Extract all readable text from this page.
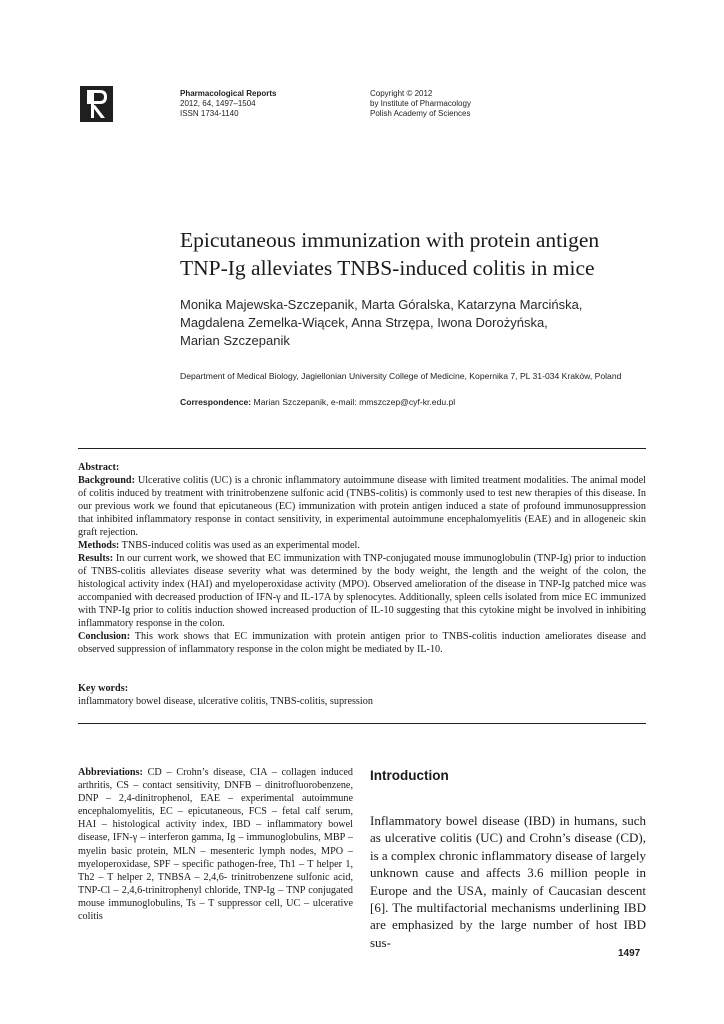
Pharmacological Reports
2012, 64, 1497–1504
ISSN 1734-1140
Copyright © 2012
by Institute of Pharmacology
Polish Academy of Sciences
Epicutaneous immunization with protein antigen
TNP-Ig alleviates TNBS-induced colitis in mice
Monika Majewska-Szczepanik, Marta Góralska, Katarzyna Marcińska,
Magdalena Zemelka-Wiącek, Anna Strzępa, Iwona Dorożyńska,
Marian Szczepanik
Department of Medical Biology, Jagiellonian University College of Medicine, Kopernika 7, PL 31-034 Kraków, Poland
Correspondence: Marian Szczepanik, e-mail: mmszczep@cyf-kr.edu.pl

Abstract:

Background: Ulcerative colitis (UC) is a chronic inflammatory autoimmune disease with limited treatment modalities. The animal model of colitis induced by treatment with trinitrobenzene sulfonic acid (TNBS-colitis) is commonly used to test new therapies of this disease. In our previous work we found that epicutaneous (EC) immunization with protein antigen induced a state of profound immunosuppression that inhibited inflammatory response in contact sensitivity, in experimental autoimmune encephalomyelitis (EAE) and in allogeneic skin graft rejection.

Methods: TNBS-induced colitis was used as an experimental model.

Results: In our current work, we showed that EC immunization with TNP-conjugated mouse immunoglobulin (TNP-Ig) prior to induction of TNBS-colitis alleviates disease severity what was determined by the body weight, the length and the weight of the colon, the histological activity index (HAI) and myeloperoxidase activity (MPO). Observed amelioration of the disease in TNP-Ig patched mice was accompanied with decreased production of IFN-γ and IL-17A by splenocytes. Additionally, spleen cells isolated from mice EC immunized with TNP-Ig prior to colitis induction showed increased production of IL-10 suggesting that this cytokine might be involved in inhibiting inflammatory response in the colon.

Conclusion: This work shows that EC immunization with protein antigen prior to TNBS-colitis induction ameliorates disease and observed suppression of inflammatory response in the colon might be mediated by IL-10.

Key words:

inflammatory bowel disease, ulcerative colitis, TNBS-colitis, supression

Abbreviations: CD – Crohn’s disease, CIA – collagen induced arthritis, CS – contact sensitivity, DNFB – dinitrofluorobenzene, DNP – 2,4-dinitrophenol, EAE – experimental autoimmune encephalomyelitis, EC – epicutaneous, FCS – fetal calf serum, HAI – histological activity index, IBD – inflammatory bowel disease, IFN-γ – interferon gamma, Ig – immunoglobulins, MBP – myelin basic protein, MLN – mesenteric lymph nodes, MPO – myeloperoxidase, SPF – specific pathogen-free, Th1 – T helper 1, Th2 – T helper 2, TNBSA – 2,4,6- trinitrobenzene sulfonic acid, TNP-Cl – 2,4,6-trinitrophenyl chloride, TNP-Ig – TNP conjugated mouse immunoglobulins, Ts – T suppressor cell, UC – ulcerative colitis
Introduction
Inflammatory bowel disease (IBD) in humans, such as ulcerative colitis (UC) and Crohn’s disease (CD), is a complex chronic inflammatory disease of largely unknown cause and affects 3.6 million people in Europe and the USA, mainly of Caucasian descent [6]. The multifactorial mechanisms underlining IBD are emphasized by the large number of host IBD sus-
1497
